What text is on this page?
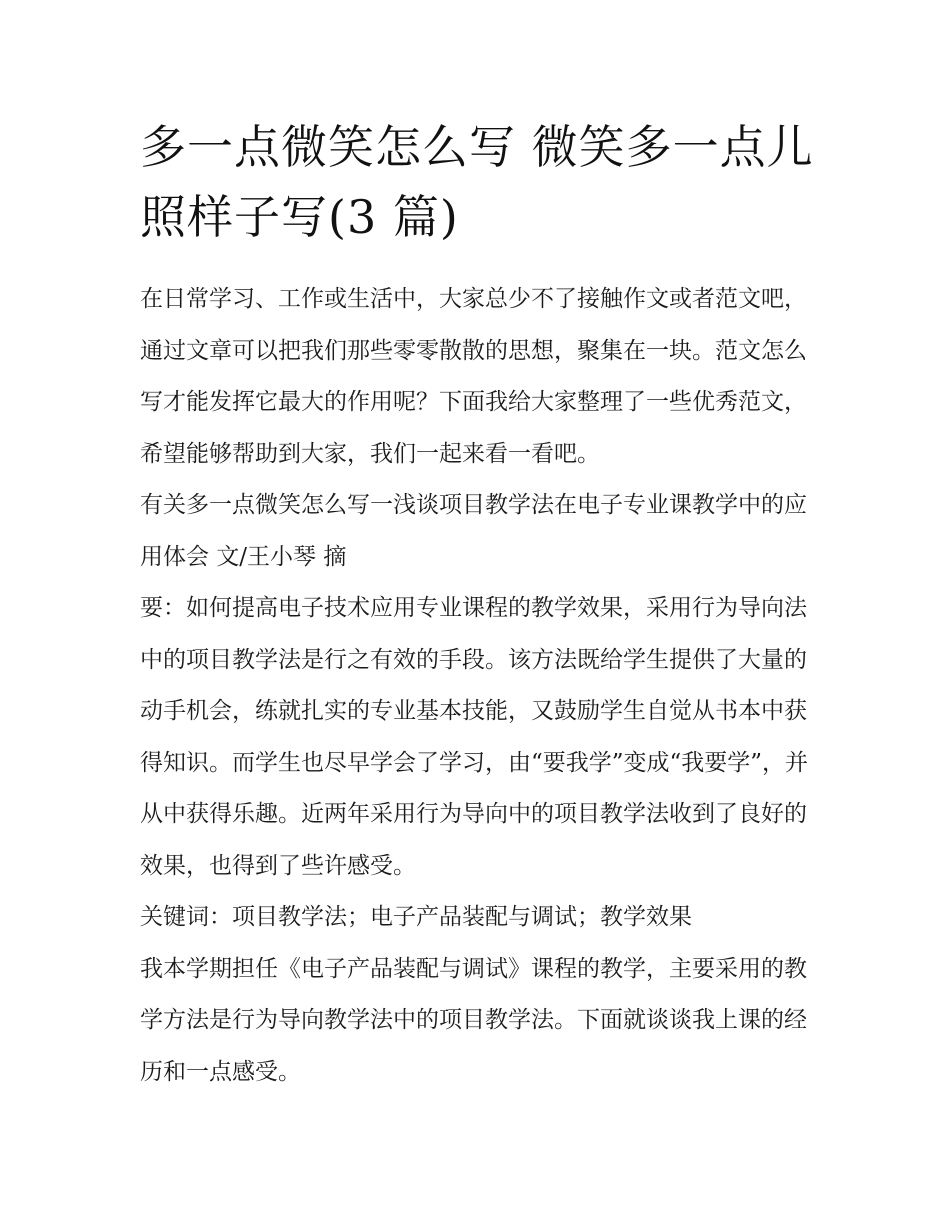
多一点微笑怎么写 微笑多一点儿照样子写(3 篇)

在日常学习、工作或生活中，大家总少不了接触作文或者范文吧，通过文章可以把我们那些零零散散的思想，聚集在一块。范文怎么写才能发挥它最大的作用呢？下面我给大家整理了一些优秀范文，希望能够帮助到大家，我们一起来看一看吧。

有关多一点微笑怎么写一浅谈项目教学法在电子专业课教学中的应用体会 文/王小琴 摘

要：如何提高电子技术应用专业课程的教学效果，采用行为导向法中的项目教学法是行之有效的手段。该方法既给学生提供了大量的动手机会，练就扎实的专业基本技能，又鼓励学生自觉从书本中获得知识。而学生也尽早学会了学习，由“要我学”变成“我要学”，并从中获得乐趣。近两年采用行为导向中的项目教学法收到了良好的效果，也得到了些许感受。

关键词：项目教学法；电子产品装配与调试；教学效果

我本学期担任《电子产品装配与调试》课程的教学，主要采用的教学方法是行为导向教学法中的项目教学法。下面就谈谈我上课的经历和一点感受。
